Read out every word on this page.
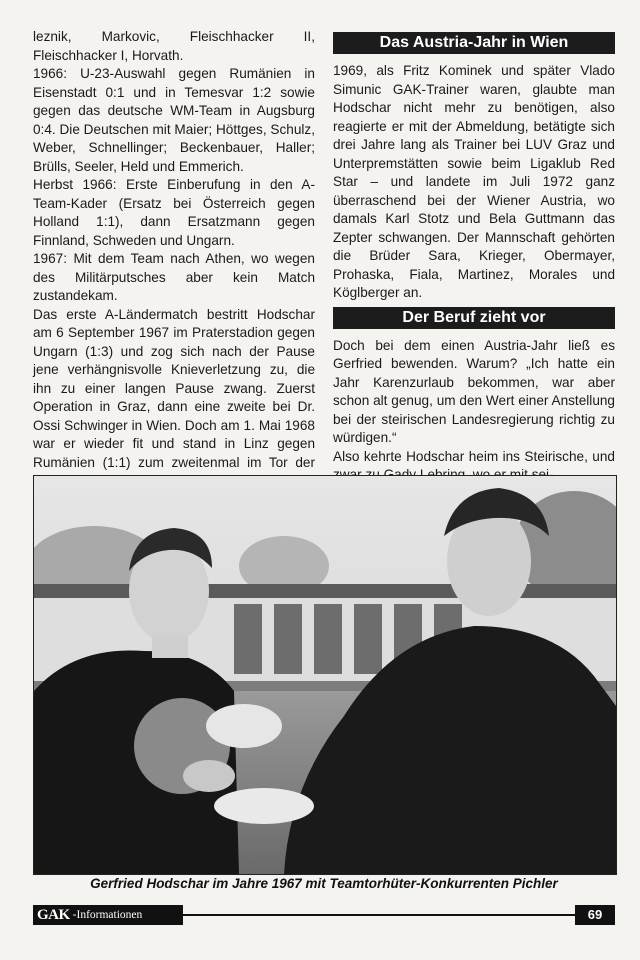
leznik, Markovic, Fleischhacker II, Fleischhacker I, Horvath.

1966: U-23-Auswahl gegen Rumänien in Eisenstadt 0:1 und in Temesvar 1:2 sowie gegen das deutsche WM-Team in Augsburg 0:4. Die Deutschen mit Maier; Höttges, Schulz, Weber, Schnellinger; Beckenbauer, Haller; Brülls, Seeler, Held und Emmerich.

Herbst 1966: Erste Einberufung in den A-Team-Kader (Ersatz bei Österreich gegen Holland 1:1), dann Ersatzmann gegen Finnland, Schweden und Ungarn.

1967: Mit dem Team nach Athen, wo wegen des Militärputsches aber kein Match zustandekam.

Das erste A-Ländermatch bestritt Hodschar am 6 September 1967 im Praterstadion gegen Ungarn (1:3) und zog sich nach der Pause jene verhängnisvolle Knieverletzung zu, die ihn zu einer langen Pause zwang. Zuerst Operation in Graz, dann eine zweite bei Dr. Ossi Schwinger in Wien. Doch am 1. Mai 1968 war er wieder fit und stand in Linz gegen Rumänien (1:1) zum zweitenmal im Tor der

Das Austria-Jahr in Wien

1969, als Fritz Kominek und später Vlado Simunic GAK-Trainer waren, glaubte man Hodschar nicht mehr zu benötigen, also reagierte er mit der Abmeldung, betätigte sich drei Jahre lang als Trainer bei LUV Graz und Unterpremstätten sowie beim Ligaklub Red Star – und landete im Juli 1972 ganz überraschend bei der Wiener Austria, wo damals Karl Stotz und Bela Guttmann das Zepter schwangen. Der Mannschaft gehörten die Brüder Sara, Krieger, Obermayer, Prohaska, Fiala, Martinez, Morales und Köglberger an.

Der Beruf zieht vor

Doch bei dem einen Austria-Jahr ließ es Gerfried bewenden. Warum? „Ich hatte ein Jahr Karenzurlaub bekommen, war aber schon alt genug, um den Wert einer Anstellung bei der steirischen Landesregierung richtig zu würdigen.“

Also kehrte Hodschar heim ins Steirische, und

Gerfried Hodschar im Jahre 1967 mit Teamtorhüter-Konkurrenten Pichler
GAK -Informationen	69
